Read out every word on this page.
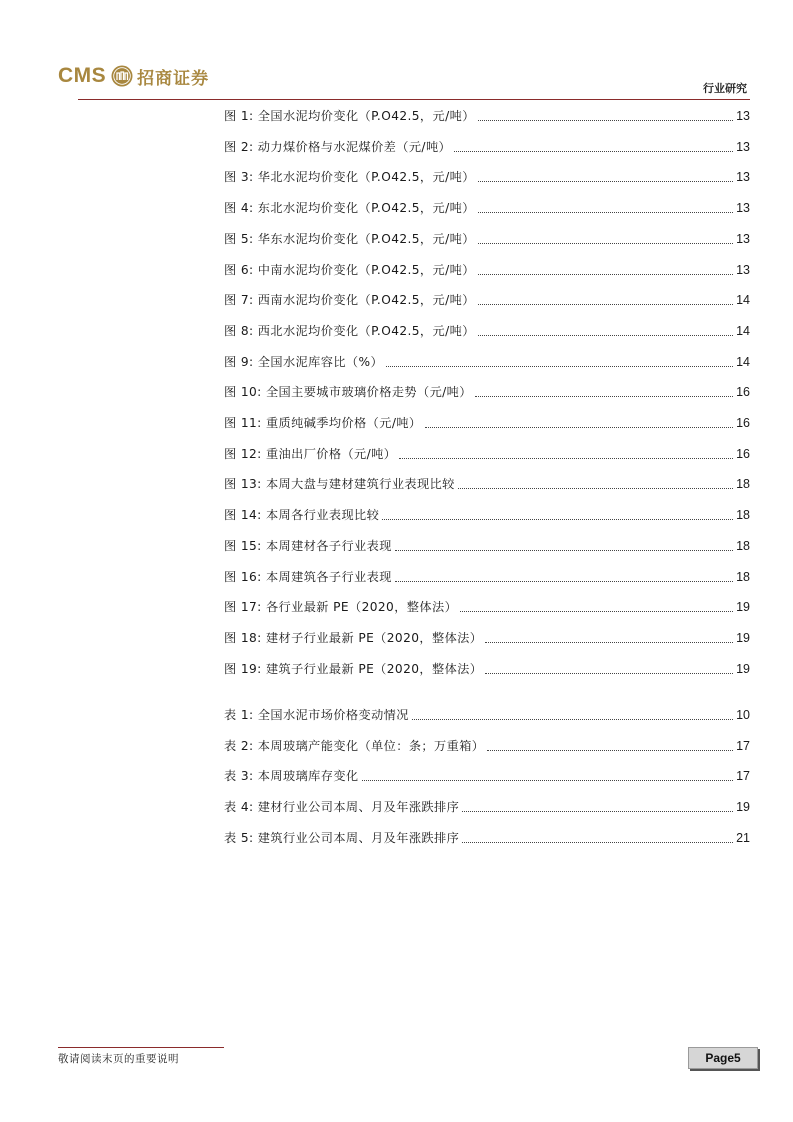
CMS 招商证券	行业研究
图 1: 全国水泥均价变化（P.O42.5，元/吨）	13
图 2: 动力煤价格与水泥煤价差（元/吨）	13
图 3: 华北水泥均价变化（P.O42.5，元/吨）	13
图 4: 东北水泥均价变化（P.O42.5，元/吨）	13
图 5: 华东水泥均价变化（P.O42.5，元/吨）	13
图 6: 中南水泥均价变化（P.O42.5，元/吨）	13
图 7: 西南水泥均价变化（P.O42.5，元/吨）	14
图 8: 西北水泥均价变化（P.O42.5，元/吨）	14
图 9: 全国水泥库容比（%）	14
图 10: 全国主要城市玻璃价格走势（元/吨）	16
图 11: 重质纯碱季均价格（元/吨）	16
图 12: 重油出厂价格（元/吨）	16
图 13: 本周大盘与建材建筑行业表现比较	18
图 14: 本周各行业表现比较	18
图 15: 本周建材各子行业表现	18
图 16: 本周建筑各子行业表现	18
图 17: 各行业最新 PE（2020，整体法）	19
图 18: 建材子行业最新 PE（2020，整体法）	19
图 19: 建筑子行业最新 PE（2020，整体法）	19
表 1: 全国水泥市场价格变动情况	10
表 2: 本周玻璃产能变化（单位：条；万重箱）	17
表 3: 本周玻璃库存变化	17
表 4: 建材行业公司本周、月及年涨跌排序	19
表 5: 建筑行业公司本周、月及年涨跌排序	21
敬请阅读末页的重要说明	Page5
